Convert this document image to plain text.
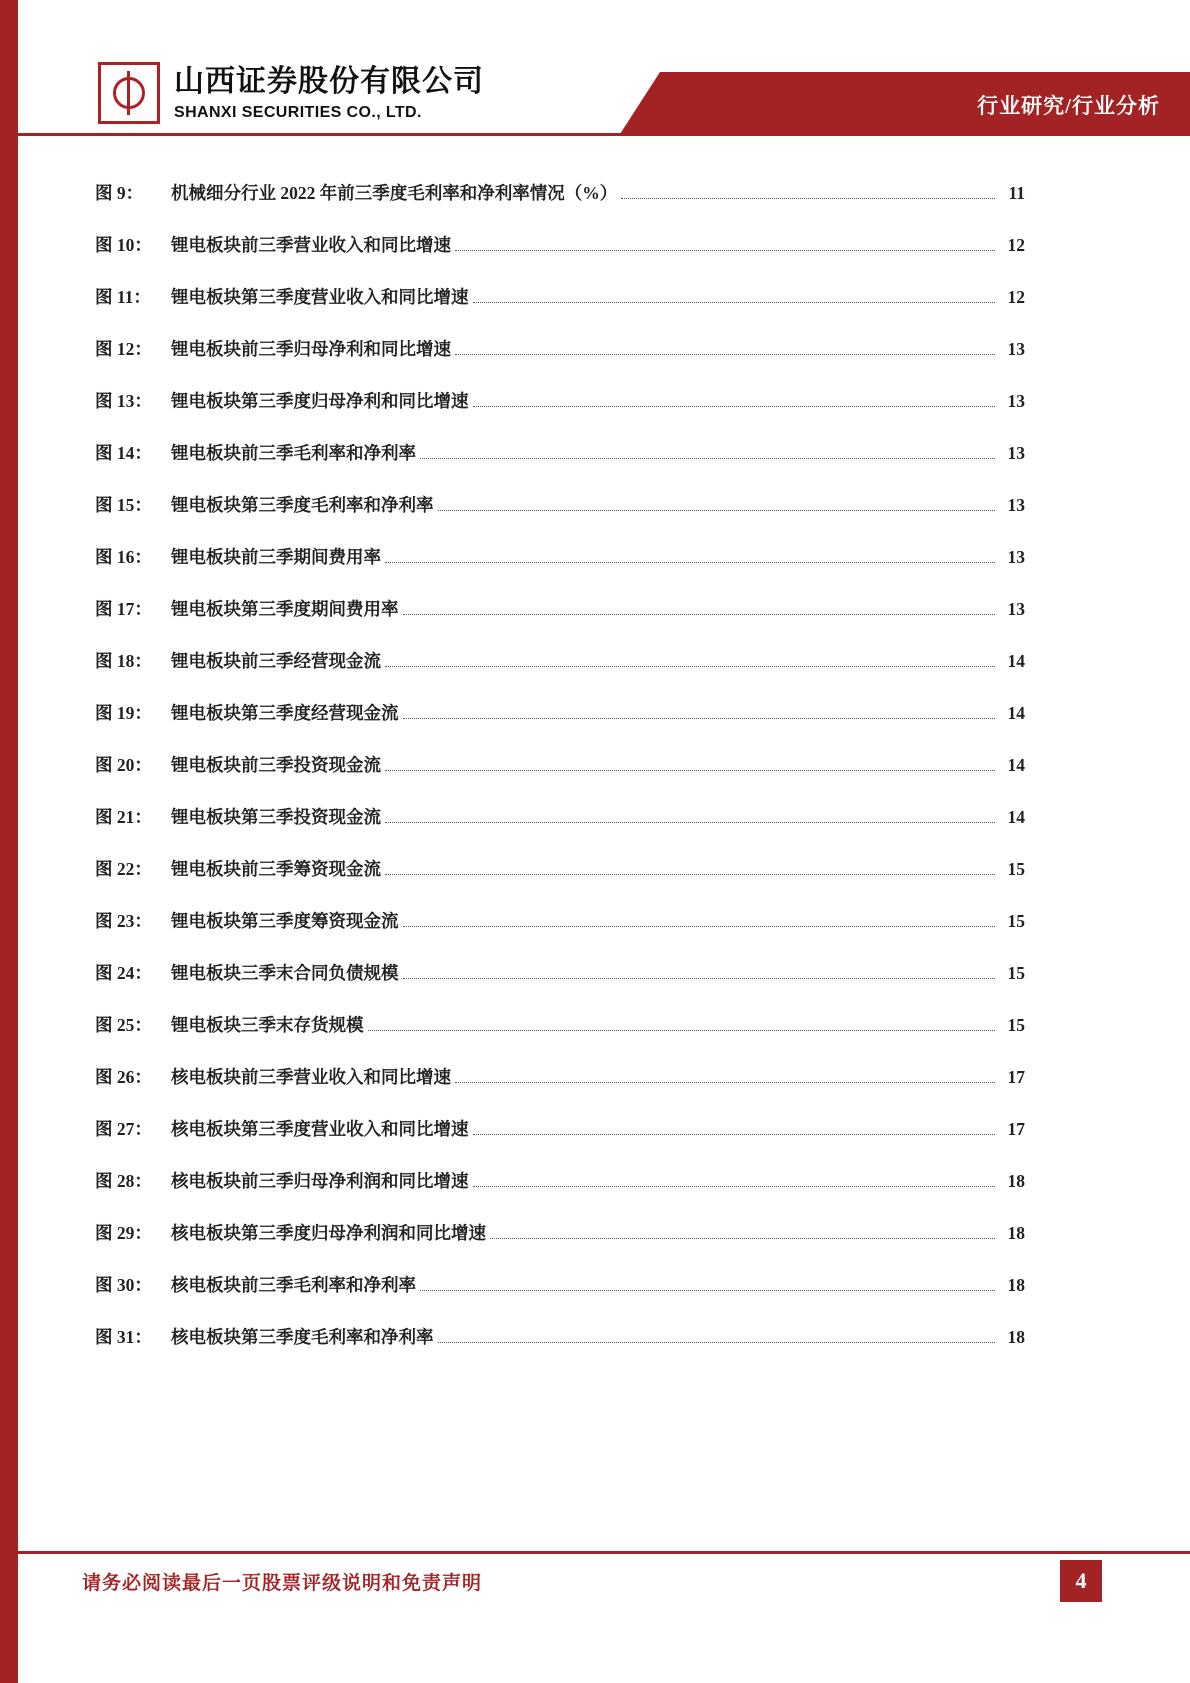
行业研究/行业分析
山西证券股份有限公司
SHANXI SECURITIES CO., LTD.
图 9：	机械细分行业 2022 年前三季度毛利率和净利率情况（%）	11
图 10： 锂电板块前三季营业收入和同比增速	12
图 11：	锂电板块第三季度营业收入和同比增速	12
图 12： 锂电板块前三季归母净利和同比增速	13
图 13： 锂电板块第三季度归母净利和同比增速	13
图 14： 锂电板块前三季毛利率和净利率	13
图 15： 锂电板块第三季度毛利率和净利率	13
图 16： 锂电板块前三季期间费用率	13
图 17： 锂电板块第三季度期间费用率	13
图 18： 锂电板块前三季经营现金流	14
图 19： 锂电板块第三季度经营现金流	14
图 20： 锂电板块前三季投资现金流	14
图 21： 锂电板块第三季投资现金流	14
图 22： 锂电板块前三季筹资现金流	15
图 23： 锂电板块第三季度筹资现金流	15
图 24： 锂电板块三季末合同负债规模	15
图 25： 锂电板块三季末存货规模	15
图 26： 核电板块前三季营业收入和同比增速	17
图 27： 核电板块第三季度营业收入和同比增速	17
图 28： 核电板块前三季归母净利润和同比增速	18
图 29： 核电板块第三季度归母净利润和同比增速	18
图 30： 核电板块前三季毛利率和净利率	18
图 31： 核电板块第三季度毛利率和净利率	18
请务必阅读最后一页股票评级说明和免责声明	4
